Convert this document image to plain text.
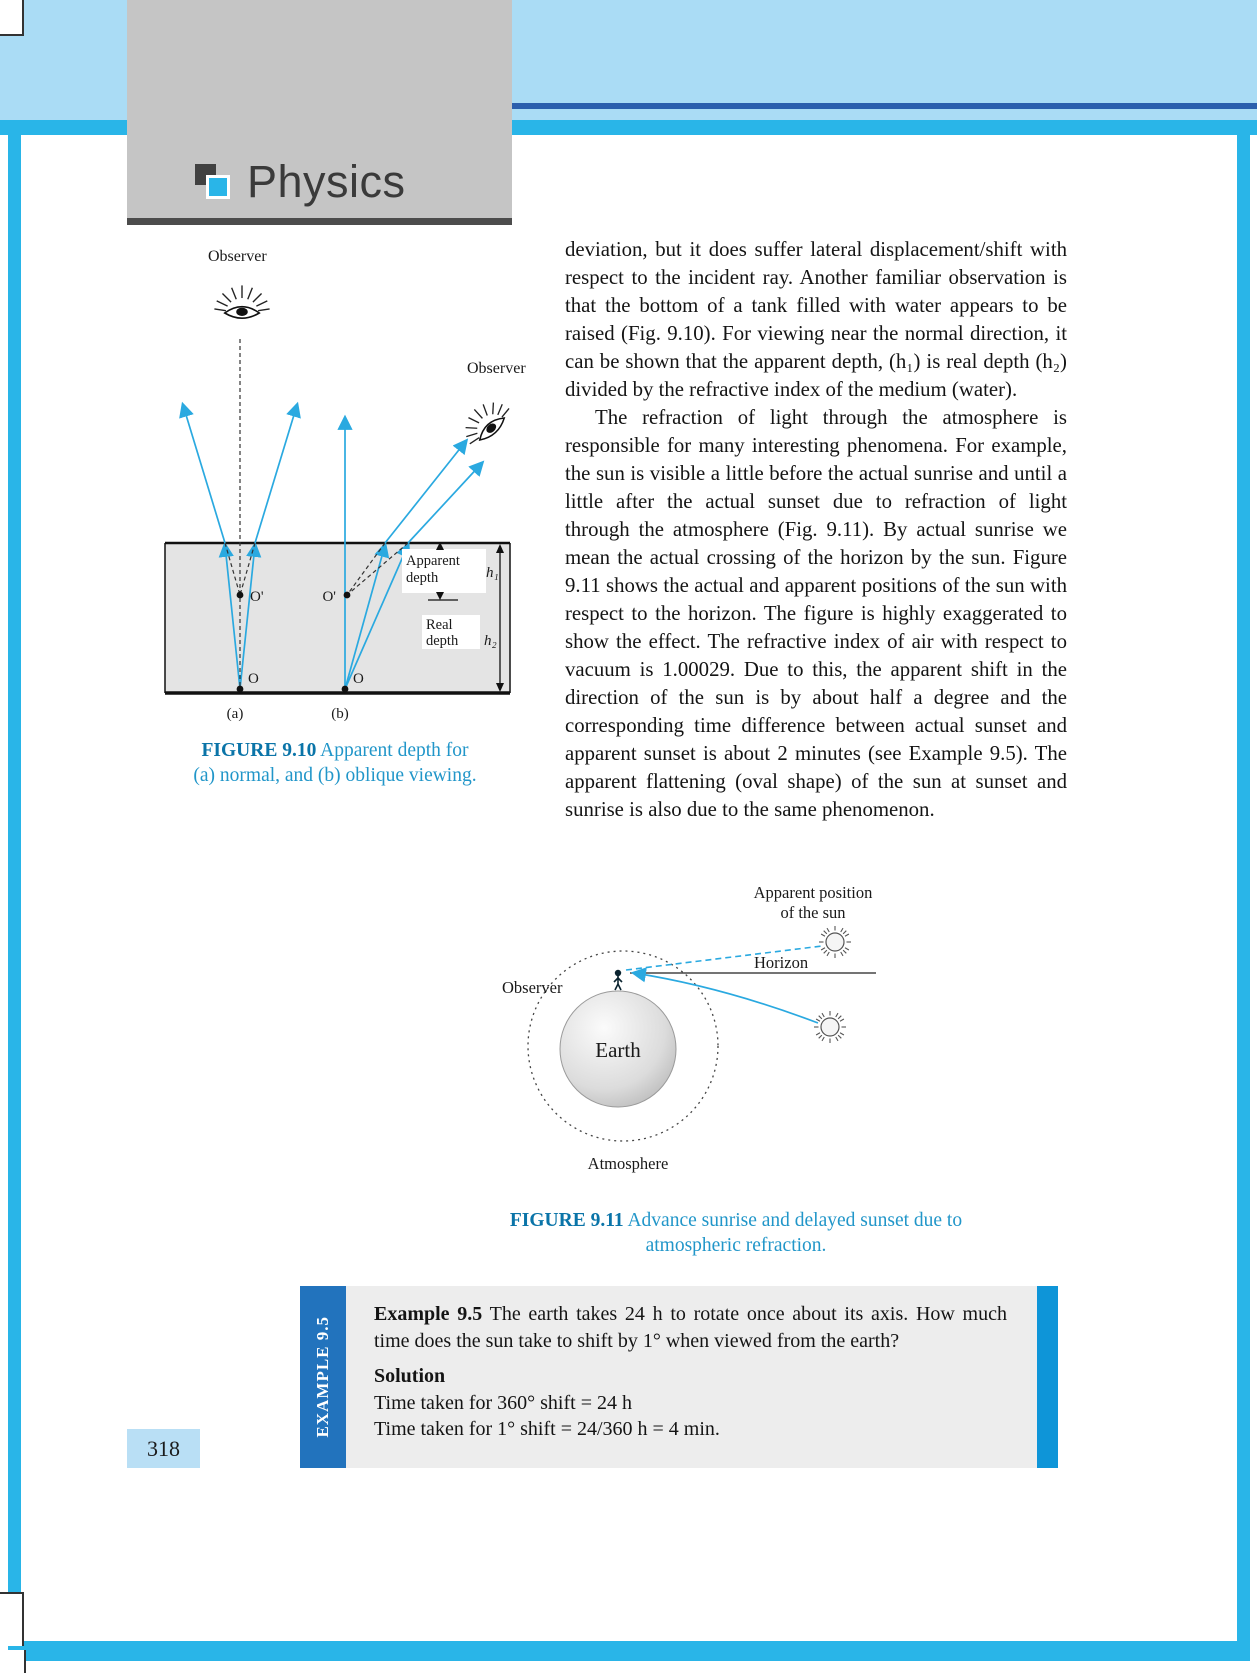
Physics
Apparent
depth	h₁
Real
depth h₂
Observer
Observer
O'	O'
O	O
(a)	(b)
FIGURE 9.10 Apparent depth for
(a) normal, and (b) oblique viewing.

deviation, but it does suffer lateral displacement/shift with respect to the incident ray. Another familiar observation is that the bottom of a tank filled with water appears to be raised (Fig. 9.10). For viewing near the normal direction, it can be shown that the apparent depth, (h₁) is real depth (h₂) divided by the refractive index of the medium (water).

The refraction of light through the atmosphere is responsible for many interesting phenomena. For example, the sun is visible a little before the actual sunrise and until a little after the actual sunset due to refraction of light through the atmosphere (Fig. 9.11). By actual sunrise we mean the actual crossing of the horizon by the sun. Figure 9.11 shows the actual and apparent positions of the sun with respect to the horizon. The figure is highly exaggerated to show the effect. The refractive index of air with respect to vacuum is 1.00029. Due to this, the apparent shift in the direction of the sun is by about half a degree and the corresponding time difference between actual sunset and apparent sunset is about 2 minutes (see Example 9.5). The apparent flattening (oval shape) of the sun at sunset and sunrise is also due to the same phenomenon.

Earth
Apparent position
of the sun
Horizon
Observer
Atmosphere
FIGURE 9.11 Advance sunrise and delayed sunset due to
atmospheric refraction.
EXAMPLE 9.5

Example 9.5 The earth takes 24 h to rotate once about its axis. How much time does the sun take to shift by 1° when viewed from the earth?

Solution

Time taken for 360° shift = 24 h

Time taken for 1° shift = 24/360 h = 4 min.

318
